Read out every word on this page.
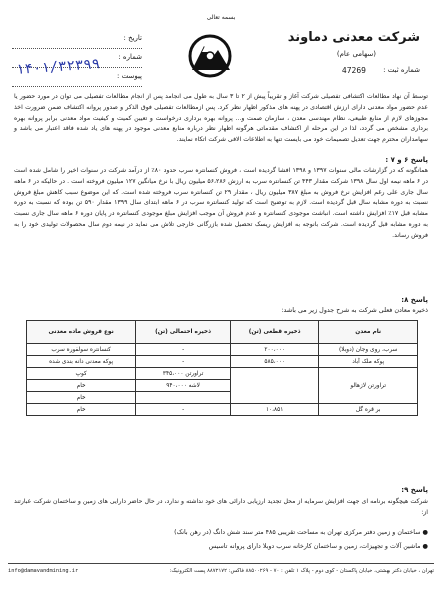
بسمه تعالی
تاریخ :
شماره :
۱۴۰۱/۳۲۳۹۹ پیوست :
شرکت معدنی دماوند
(سهامی عام)
شماره ثبت :
47269
توسط آن نهاد مطالعات اکتشافی تفصیلی شرکت آغاز و تقریباً پیش از ۲ تا ۳ سال به طول می انجامد پس از انجام مطالعات تفصیلی می توان در مورد حضور یا عدم حضور مواد معدنی دارای ارزش اقتصادی در پهنه های مذکور اظهار نظر کرد. پس ازمطالعات تفصیلی فوق الذکر و صدور پروانه اکتشاف ضمن ضرورت اخذ مجوزهای لازم از منابع طبیعی، نظام مهندسی معدن ، سازمان صمت و... پروانه بهره برداری درخواست و تعیین کمیت و کیفیت مواد معدنی برابر پروانه بهره برداری مشخص می گردد، لذا در این مرحله از اکتشاف مقدماتی هرگونه اظهار نظر درباره منابع معدنی موجود در پهنه های یاد شده فاقد اعتبار می باشد و سهامداران محترم جهت تعدیل تصمیمات خود می بایست تنها به اطلاعات الافی شرکت اتکاء نمایند.
پاسخ ۶ و ۷ :
همانگونه که در گزارشات مالی سنوات ۱۳۹۷ و ۱۳۹۸ افشا گردیده است ، فروش کنسانتره سرب حدود ۸۰٪ از درآمد شرکت در سنوات اخیر را شامل شده است در ۶ ماهه نیمه اول سال ۱۳۹۸ شرکت مقدار ۴۴۳ تن کنسانتره سرب به ارزش ۵۶،۲۸۶ میلیون ریال با نرخ میانگین ۱۲۷ میلیون فروخته است . در حالیکه در ۶ ماهه سال جاری علی رغم افزایش نرخ فروش به مبلغ ۳۸۷ میلیون ریال ، مقدار ۲۹ تن کنسانتره سرب فروخته شده است. که این موضوع سبب کاهش مبلغ فروش نسبت به دوره مشابه سال قبل گردیده است. لازم به توضیح است که تولید کنسانتره سرب در ۶ ماهه ابتدای سال ۱۳۹۹ مقدار ۵۹۰ تن بوده که نسبت به دوره مشابه قبل ۱۷٪ افزایش داشته است. انباشت موجودی کنسانتره و عدم فروش آن موجب افزایش مبلغ موجودی کنسانتره در پایان دوره ۶ ماهه سال جاری نسبت به دوره مشابه قبل گردیده است. شرکت بانوجه به افزایش ریسک تحصیل شده بازرگانی خارجی تلاش می نماید در نیمه دوم سال محصولات تولیدی خود را به فروش رساند.
پاسخ ۸:
ذخیره معادن فعلی شرکت به شرح جدول زیر می باشد:
نام معدن	ذخیره قطعی (تن)	ذخیره احتمالی (تن)	نوع فروش ماده معدنی
سرب، روی وجان (دوبلا)	۲۰۰،۰۰۰	-	کنسانتره سولفوره سرب
پوکه ملک آباد	۵۸۵،۰۰۰	-	پوکه معدنی دانه بندی شده
تراورتن لازهالو		تراورتن ۳۴۵،۰۰۰	کوپ
		لاشه ۹۴۰،۰۰۰	خام
			خام
بر قره گل	۱۰،۸۵۱	-	خام
پاسخ ۹:
شرکت هیچگونه برنامه ای جهت افزایش سرمایه از محل تجدید ارزیابی دارائی های خود نداشته و ندارد، در حال حاضر دارایی های زمین و ساختمان شرکت عبارتند از:
● ساختمان و زمین دفتر مرکزی تهران به مساحت تقریبی ۴۸۵ متر سند شش دانگ (در رهن بانک)
● ماشین آلات و تجهیزات، زمین و ساختمان کارخانه سرب دوبلا دارای پروانه تاسیس
تهران ، خیابان دکتر بهشتی، خیابان پاکستان - کوی دوم - پلاک ۱ تلفن : ۷۰ - ۸۸۵۰۰۲۶۹ فاکس: ۸۸۷۲۱۷۲ پست الکترونیک:
info@damavandmining.ir
